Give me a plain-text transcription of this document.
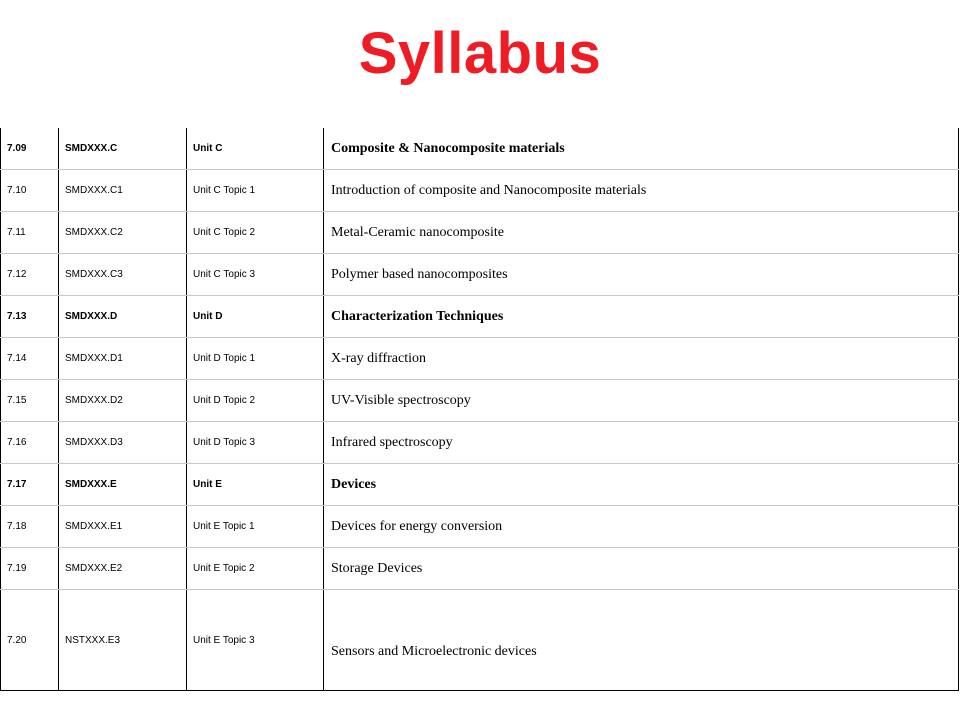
Syllabus
7.09	SMDXXX.C	Unit C	Composite & Nanocomposite materials
7.10	SMDXXX.C1	Unit C Topic 1	Introduction of composite and Nanocomposite materials
7.11	SMDXXX.C2	Unit C Topic 2	Metal-Ceramic nanocomposite
7.12	SMDXXX.C3	Unit C Topic 3	Polymer based nanocomposites
7.13	SMDXXX.D	Unit D	Characterization Techniques
7.14	SMDXXX.D1	Unit D Topic 1	X-ray diffraction
7.15	SMDXXX.D2	Unit D Topic 2	UV-Visible spectroscopy
7.16	SMDXXX.D3	Unit D Topic 3	Infrared spectroscopy
7.17	SMDXXX.E	Unit E	Devices
7.18	SMDXXX.E1	Unit E Topic 1	Devices for energy conversion
7.19	SMDXXX.E2	Unit E Topic 2	Storage Devices
7.20	NSTXXX.E3	Unit E Topic 3	Sensors and Microelectronic devices
